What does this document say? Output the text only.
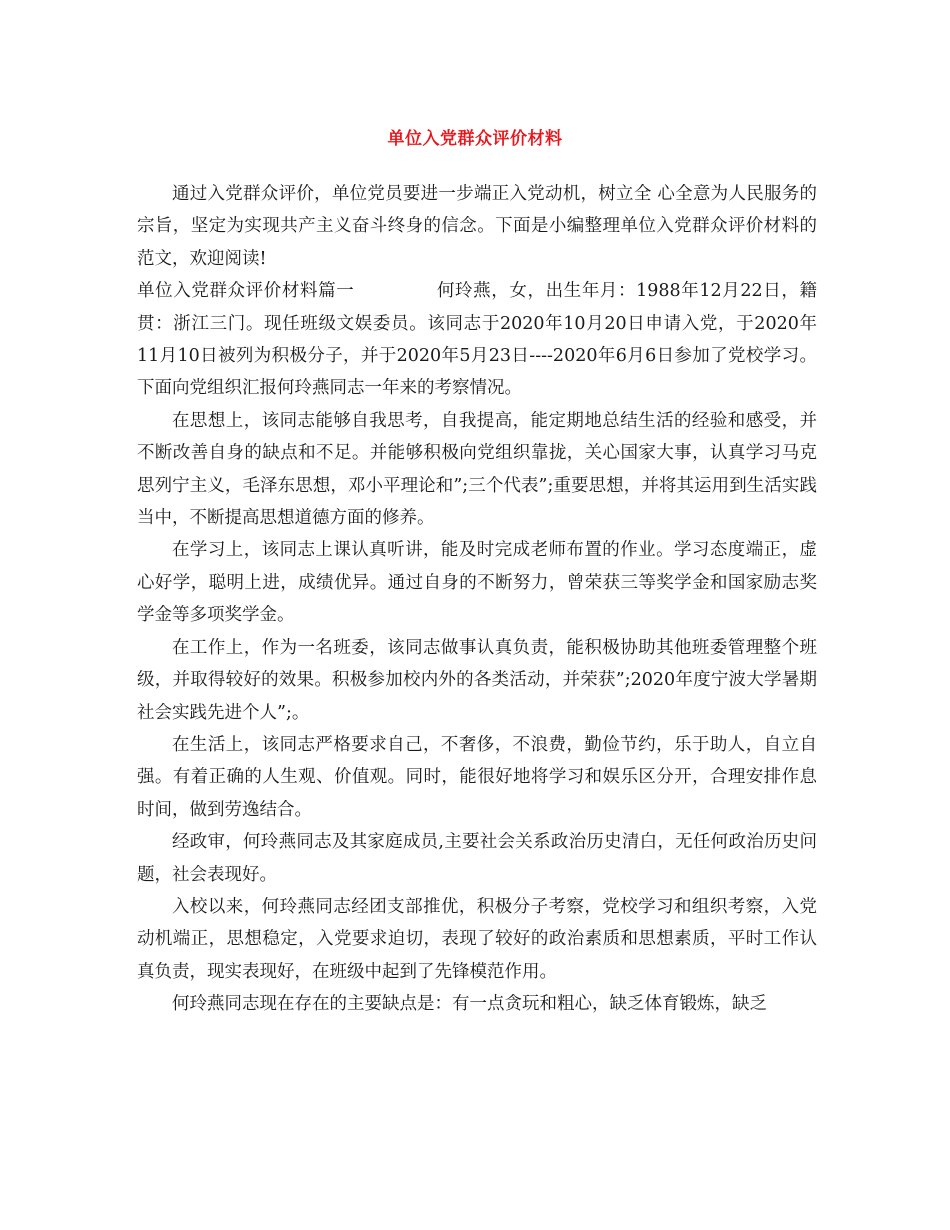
单位入党群众评价材料

通过入党群众评价，单位党员要进一步端正入党动机，树立全 心全意为人民服务的宗旨，坚定为实现共产主义奋斗终身的信念。下面是小编整理单位入党群众评价材料的范文，欢迎阅读!

单位入党群众评价材料篇一	何玲燕，女，出生年月：1988年12月22日，籍贯：浙江三门。现任班级文娱委员。该同志于2020年10月20日申请入党，于2020年11月10日被列为积极分子，并于2020年5月23日----2020年6月6日参加了党校学习。下面向党组织汇报何玲燕同志一年来的考察情况。

在思想上，该同志能够自我思考，自我提高，能定期地总结生活的经验和感受，并不断改善自身的缺点和不足。并能够积极向党组织靠拢，关心国家大事，认真学习马克思列宁主义，毛泽东思想，邓小平理论和”;三个代表”;重要思想，并将其运用到生活实践当中，不断提高思想道德方面的修养。

在学习上，该同志上课认真听讲，能及时完成老师布置的作业。学习态度端正，虚心好学，聪明上进，成绩优异。通过自身的不断努力，曾荣获三等奖学金和国家励志奖学金等多项奖学金。

在工作上，作为一名班委，该同志做事认真负责，能积极协助其他班委管理整个班级，并取得较好的效果。积极参加校内外的各类活动，并荣获”;2020年度宁波大学暑期社会实践先进个人”;。

在生活上，该同志严格要求自己，不奢侈，不浪费，勤俭节约，乐于助人，自立自强。有着正确的人生观、价值观。同时，能很好地将学习和娱乐区分开，合理安排作息时间，做到劳逸结合。

经政审，何玲燕同志及其家庭成员,主要社会关系政治历史清白，无任何政治历史问题，社会表现好。

入校以来，何玲燕同志经团支部推优，积极分子考察，党校学习和组织考察，入党动机端正，思想稳定，入党要求迫切，表现了较好的政治素质和思想素质，平时工作认真负责，现实表现好，在班级中起到了先锋模范作用。

何玲燕同志现在存在的主要缺点是：有一点贪玩和粗心，缺乏体育锻炼，缺乏
